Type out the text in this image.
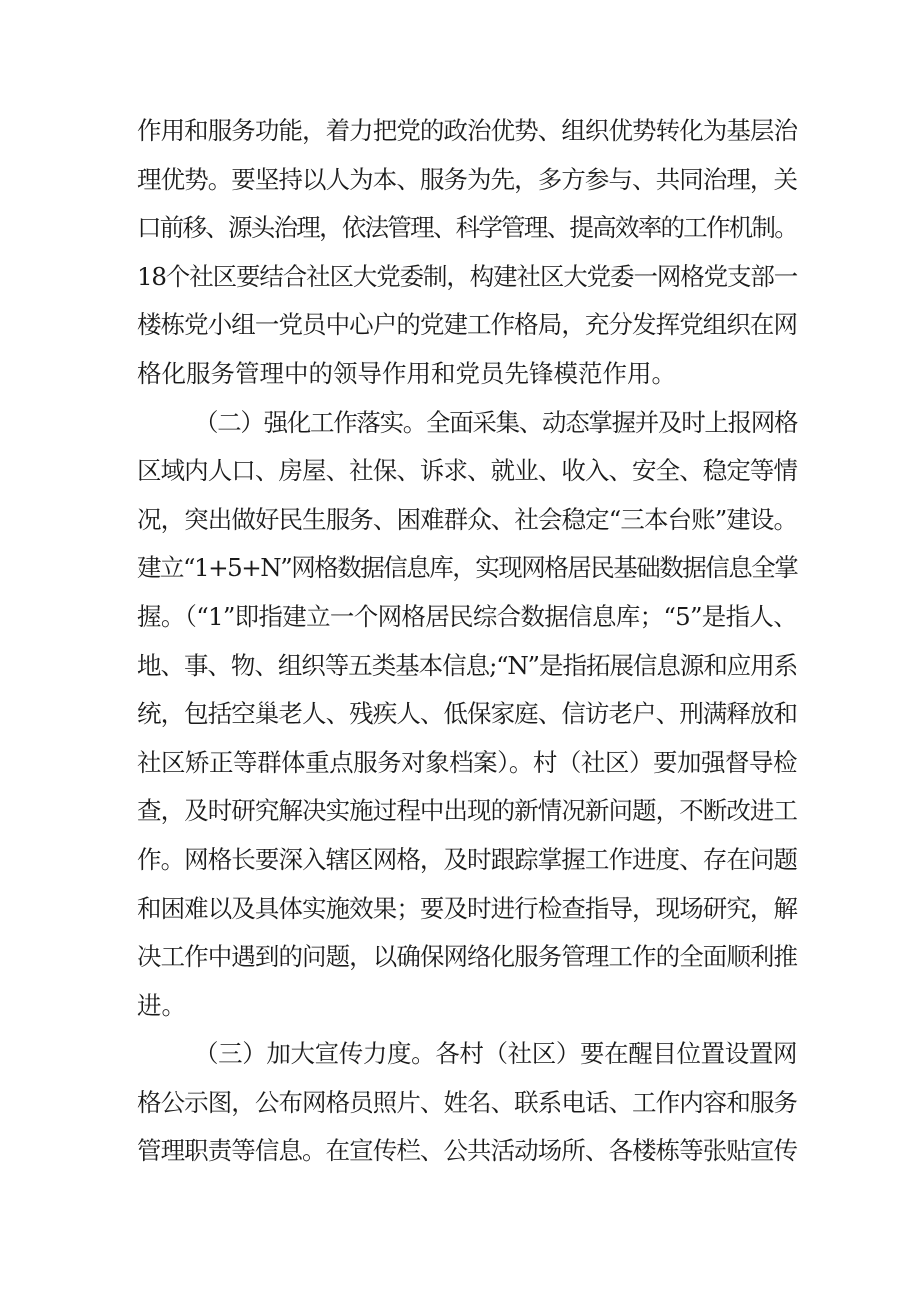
作用和服务功能，着力把党的政治优势、组织优势转化为基层治
理优势。要坚持以人为本、服务为先，多方参与、共同治理，关
口前移、源头治理，依法管理、科学管理、提高效率的工作机制。
18个社区要结合社区大党委制，构建社区大党委一网格党支部一
楼栋党小组一党员中心户的党建工作格局，充分发挥党组织在网
格化服务管理中的领导作用和党员先锋模范作用。
（二）强化工作落实。全面采集、动态掌握并及时上报网格
区域内人口、房屋、社保、诉求、就业、收入、安全、稳定等情
况，突出做好民生服务、困难群众、社会稳定“三本台账”建设。
建立“1+5+N”网格数据信息库，实现网格居民基础数据信息全掌
握。（“1”即指建立一个网格居民综合数据信息库；“5”是指人、
地、事、物、组织等五类基本信息;“N”是指拓展信息源和应用系
统，包括空巢老人、残疾人、低保家庭、信访老户、刑满释放和
社区矫正等群体重点服务对象档案）。村（社区）要加强督导检
查，及时研究解决实施过程中出现的新情况新问题，不断改进工
作。网格长要深入辖区网格，及时跟踪掌握工作进度、存在问题
和困难以及具体实施效果；要及时进行检查指导，现场研究，解
决工作中遇到的问题，以确保网络化服务管理工作的全面顺利推
进。
（三）加大宣传力度。各村（社区）要在醒目位置设置网
格公示图，公布网格员照片、姓名、联系电话、工作内容和服务
管理职责等信息。在宣传栏、公共活动场所、各楼栋等张贴宣传
